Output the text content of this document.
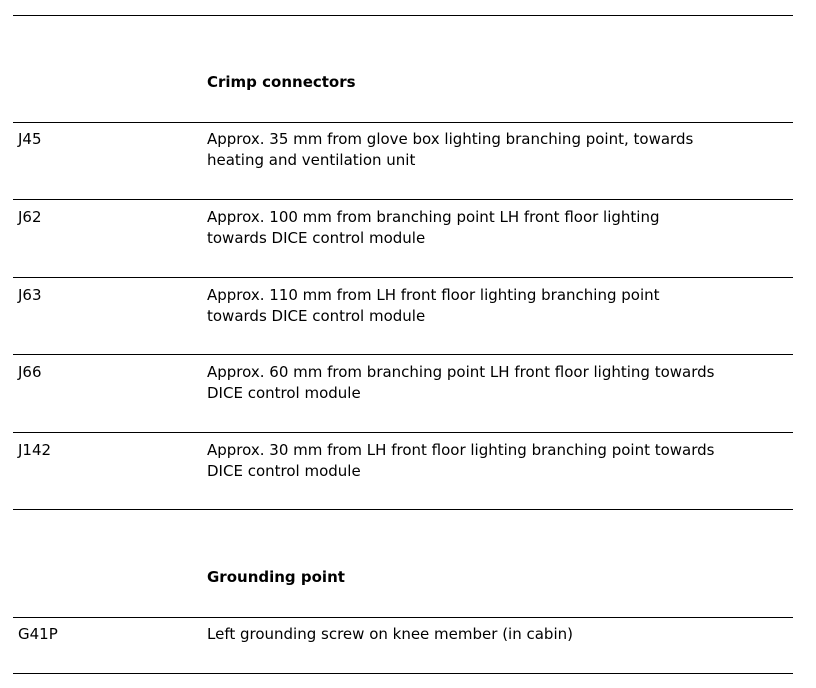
Crimp connectors
J45	Approx. 35 mm from glove box lighting branching point, towards
heating and ventilation unit
J62	Approx. 100 mm from branching point LH front floor lighting
towards DICE control module
J63	Approx. 110 mm from LH front floor lighting branching point
towards DICE control module
J66	Approx. 60 mm from branching point LH front floor lighting towards
DICE control module
J142	Approx. 30 mm from LH front floor lighting branching point towards
DICE control module
Grounding point
G41P	Left grounding screw on knee member (in cabin)
